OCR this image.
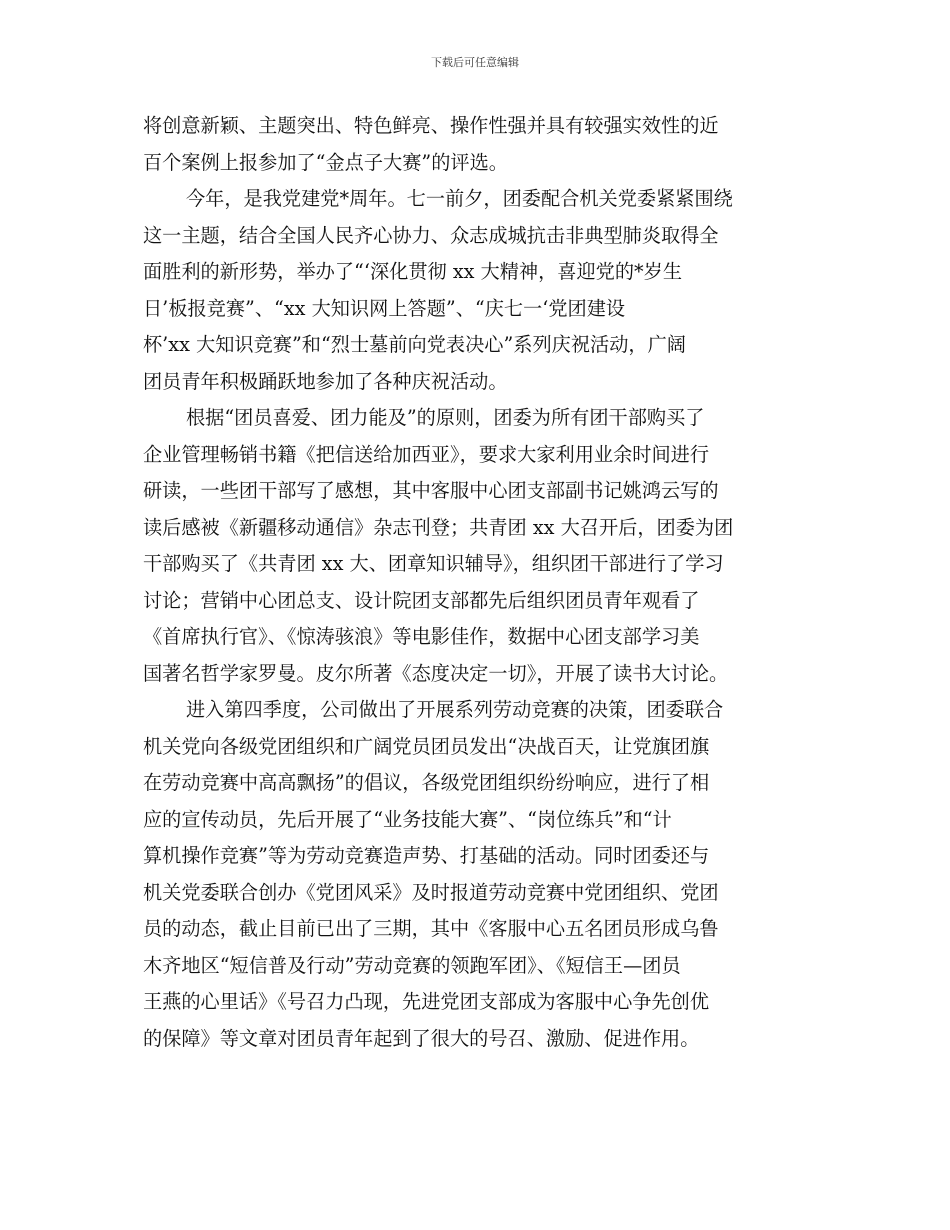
下载后可任意编辑
将创意新颖、主题突出、特色鲜亮、操作性强并具有较强实效性的近
百个案例上报参加了“金点子大赛”的评选。
今年，是我党建党*周年。七一前夕，团委配合机关党委紧紧围绕
这一主题，结合全国人民齐心协力、众志成城抗击非典型肺炎取得全
面胜利的新形势，举办了“‘深化贯彻 xx 大精神，喜迎党的*岁生
日’板报竞赛”、“xx 大知识网上答题”、“庆七一‘党团建设
杯’xx 大知识竞赛”和“烈士墓前向党表决心”系列庆祝活动，广阔
团员青年积极踊跃地参加了各种庆祝活动。
根据“团员喜爱、团力能及”的原则，团委为所有团干部购买了
企业管理畅销书籍《把信送给加西亚》，要求大家利用业余时间进行
研读，一些团干部写了感想，其中客服中心团支部副书记姚鸿云写的
读后感被《新疆移动通信》杂志刊登；共青团 xx 大召开后，团委为团
干部购买了《共青团 xx 大、团章知识辅导》，组织团干部进行了学习
讨论；营销中心团总支、设计院团支部都先后组织团员青年观看了
《首席执行官》、《惊涛骇浪》等电影佳作，数据中心团支部学习美
国著名哲学家罗曼。皮尔所著《态度决定一切》，开展了读书大讨论。
进入第四季度，公司做出了开展系列劳动竞赛的决策，团委联合
机关党向各级党团组织和广阔党员团员发出“决战百天，让党旗团旗
在劳动竞赛中高高飘扬”的倡议，各级党团组织纷纷响应，进行了相
应的宣传动员，先后开展了“业务技能大赛”、“岗位练兵”和“计
算机操作竞赛”等为劳动竞赛造声势、打基础的活动。同时团委还与
机关党委联合创办《党团风采》及时报道劳动竞赛中党团组织、党团
员的动态，截止目前已出了三期，其中《客服中心五名团员形成乌鲁
木齐地区“短信普及行动”劳动竞赛的领跑军团》、《短信王—团员
王燕的心里话》《号召力凸现，先进党团支部成为客服中心争先创优
的保障》等文章对团员青年起到了很大的号召、激励、促进作用。
